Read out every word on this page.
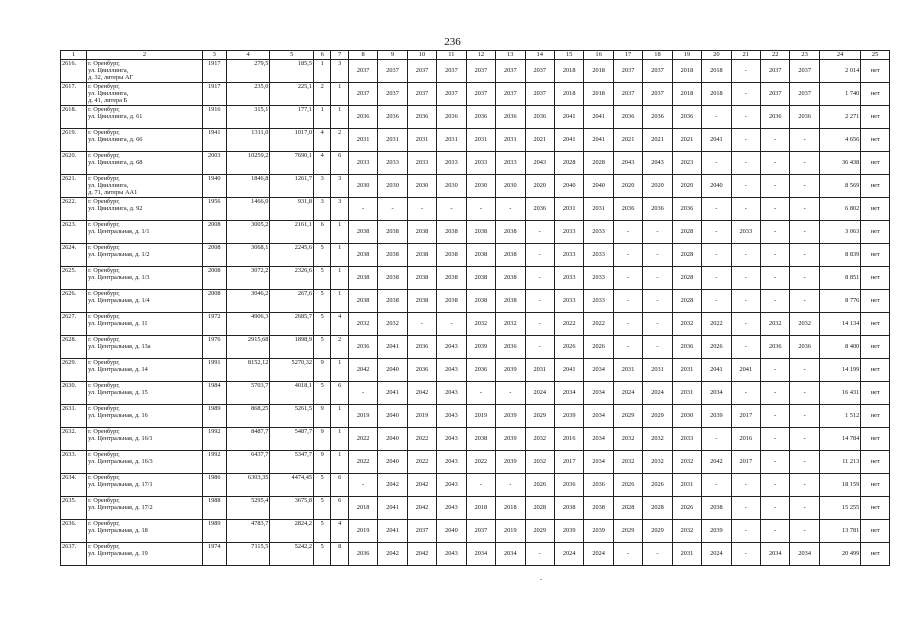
236
1	2	3	4	5	6	7	8	9	10	11	12	13	14	15	16	17	18	19	20	21	22	23	24	25
2616.	г. Оренбург,
ул. Цвиллинга,
д. 32, литеры АГ	1917	279,5	185,5	1	3	2037	2037	2037	2037	2037	2037	2037	2018	2018	2037	2037	2018	2018	-	2037	2037	2 014	нет
2617.	г. Оренбург,
ул. Цвиллинга,
д. 41, литера Б	1917	235,0	225,1	2	1	2037	2037	2037	2037	2037	2037	2037	2018	2018	2037	2037	2018	2018	-	2037	2037	1 740	нет
2618.	г. Оренбург,
ул. Цвиллинга, д. 61	1916	315,1	177,1	1	1	2036	2036	2036	2036	2036	2036	2036	2041	2041	2036	2036	2036	-	-	2036	2036	2 271	нет
2619.	г. Оренбург,
ул. Цвиллинга, д. 66	1941	1311,0	1017,0	4	2	2031	2031	2031	2031	2031	2031	2021	2041	2041	2021	2021	2021	2041	-	-	-	4 656	нет
2620.	г. Оренбург,
ул. Цвиллинга, д. 68	2003	10259,2	7690,1	4	6	2033	2033	2033	2033	2033	2033	2043	2028	2028	2043	2043	2023	-	-	-	-	36 438	нет
2621.	г. Оренбург,
ул. Цвиллинга,
д. 71, литеры АА1	1940	1846,8	1261,7	3	3	2030	2030	2030	2030	2030	2030	2020	2040	2040	2020	2020	2020	2040	-	-	-	8 569	нет
2622.	г. Оренбург,
ул. Цвиллинга, д. 92	1956	1466,0	931,8	3	3	-	-	-	-	-	-	2036	2031	2031	2036	2036	2036	-	-	-	-	6 802	нет
2623.	г. Оренбург,
ул. Центральная, д. 1/1	2008	3005,2	2161,1	6	1	2038	2038	2038	2038	2038	2038	-	2033	2033	-	-	2028	-	2033	-	-	3 063	нет
2624.	г. Оренбург,
ул. Центральная, д. 1/2	2008	3068,1	2245,6	5	1	2038	2038	2038	2038	2038	2038	-	2033	2033	-	-	2028	-	-	-	-	8 839	нет
2625.	г. Оренбург,
ул. Центральная, д. 1/3	2008	3072,2	2326,6	5	1	2038	2038	2038	2038	2038	2038	-	2033	2033	-	-	2028	-	-	-	-	8 851	нет
2626.	г. Оренбург,
ул. Центральная, д. 1/4	2008	3046,2	267,6	5	1	2038	2038	2038	2038	2038	2038	-	2033	2033	-	-	2028	-	-	-	-	8 776	нет
2627.	г. Оренбург,
ул. Центральная, д. 11	1972	4906,3	2685,7	5	4	2032	2032	-	-	2032	2032	-	2022	2022	-	-	2032	2022	-	2032	2032	14 134	нет
2628.	г. Оренбург,
ул. Центральная, д. 13а	1976	2915,68	1898,9	5	2	2036	2041	2036	2043	2039	2036	-	2026	2026	-	-	2036	2026	-	2036	2036	8 400	нет
2629.	г. Оренбург,
ул. Центральная, д. 14	1991	8152,12	5270,32	9	1	2042	2040	2036	2043	2036	2039	2031	2041	2034	2031	2031	2031	2041	2041	-	-	14 199	нет
2630.	г. Оренбург,
ул. Центральная, д. 15	1984	5703,7	4018,1	5	6	-	2041	2042	2043	-	-	2024	2034	2034	2024	2024	2031	2034	-	-	-	16 431	нет
2631.	г. Оренбург,
ул. Центральная, д. 16	1989	868,25	5261,5	9	1	2019	2040	2019	2043	2019	2039	2029	2039	2034	2029	2029	2030	2039	2017	-	-	1 512	нет
2632.	г. Оренбург,
ул. Центральная, д. 16/1	1992	8487,7	5487,7	9	1	2022	2040	2022	2043	2038	2039	2032	2016	2034	2032	2032	2033	-	2016	-	-	14 784	нет
2633.	г. Оренбург,
ул. Центральная, д. 16/3	1992	6437,7	5347,7	9	1	2022	2040	2022	2043	2022	2039	2032	2017	2034	2032	2032	2032	2042	2017	-	-	11 213	нет
2634.	г. Оренбург,
ул. Центральная, д. 17/1	1986	6303,35	4474,45	5	6	-	2042	2042	2043	-	-	2026	2036	2036	2026	2026	2031	-	-	-	-	18 159	нет
2635.	г. Оренбург,
ул. Центральная, д. 17/2	1988	5295,4	3675,8	5	6	2018	2041	2042	2043	2018	2018	2028	2038	2038	2028	2028	2026	2038	-	-	-	15 255	нет
2636.	г. Оренбург,
ул. Центральная, д. 18	1989	4783,7	2824,2	5	4	2019	2041	2037	2040	2037	2019	2029	2039	2039	2029	2029	2032	2039	-	-	-	13 781	нет
2637.	г. Оренбург,
ул. Центральная, д. 19	1974	7115,5	5242,2	5	8	2036	2042	2042	2043	2034	2034	-	2024	2024	-	-	2031	2024	-	2034	2034	20 499	нет
-
